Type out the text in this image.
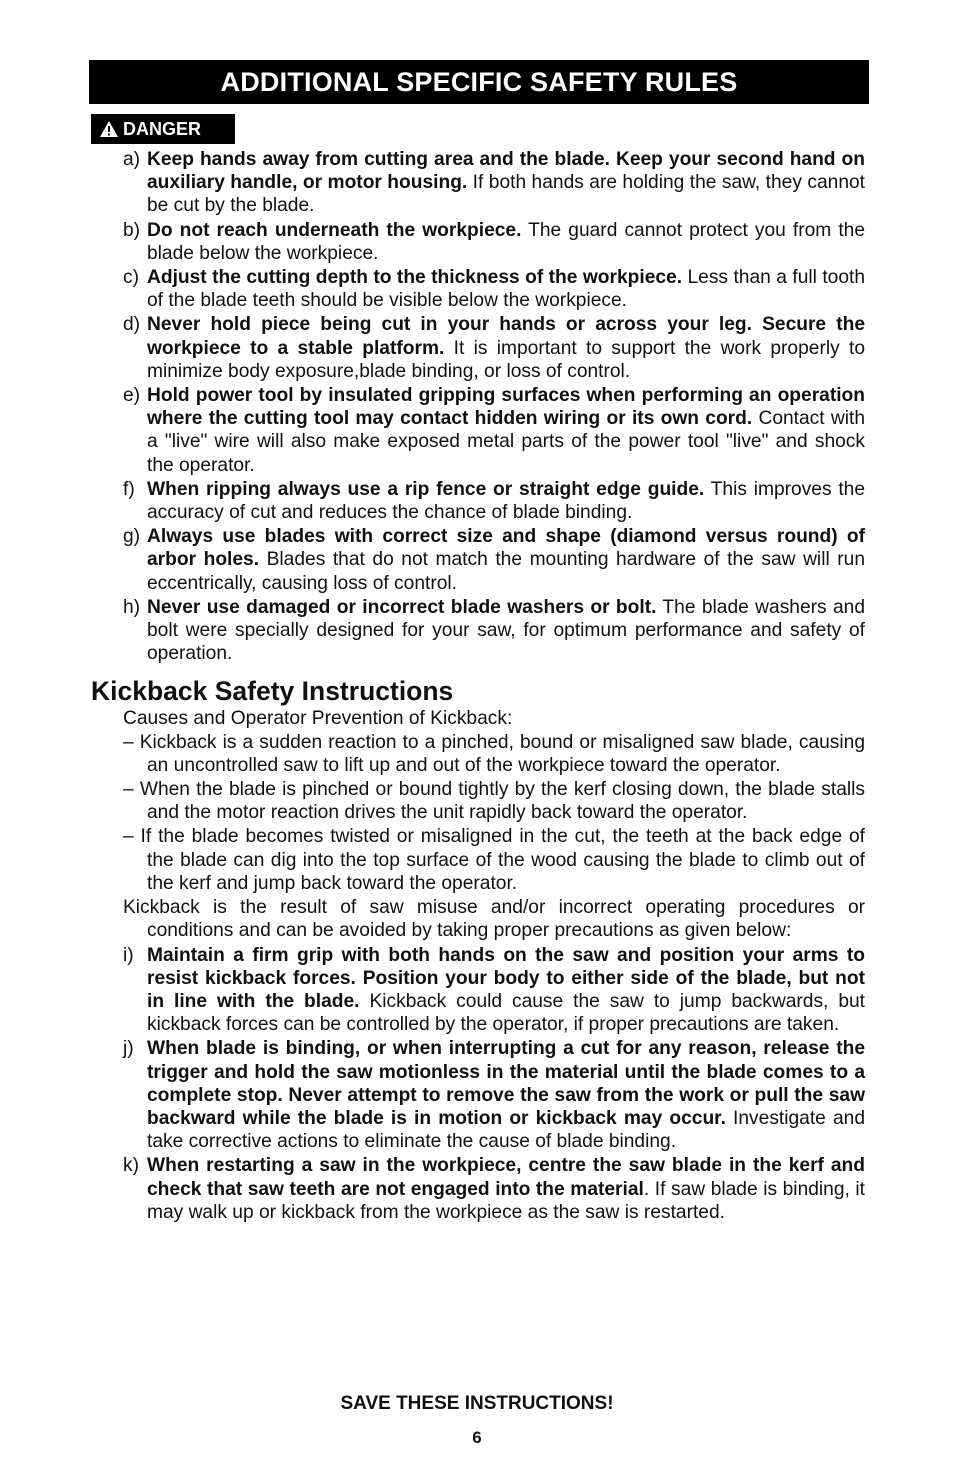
ADDITIONAL SPECIFIC SAFETY RULES
DANGER
a) Keep hands away from cutting area and the blade. Keep your second hand on auxiliary handle, or motor housing. If both hands are holding the saw, they cannot be cut by the blade.
b) Do not reach underneath the workpiece. The guard cannot protect you from the blade below the workpiece.
c) Adjust the cutting depth to the thickness of the workpiece. Less than a full tooth of the blade teeth should be visible below the workpiece.
d) Never hold piece being cut in your hands or across your leg. Secure the workpiece to a stable platform. It is important to support the work properly to minimize body exposure,blade binding, or loss of control.
e) Hold power tool by insulated gripping surfaces when performing an operation where the cutting tool may contact hidden wiring or its own cord. Contact with a "live" wire will also make exposed metal parts of the power tool "live" and shock the operator.
f) When ripping always use a rip fence or straight edge guide. This improves the accuracy of cut and reduces the chance of blade binding.
g) Always use blades with correct size and shape (diamond versus round) of arbor holes. Blades that do not match the mounting hardware of the saw will run eccentrically, causing loss of control.
h) Never use damaged or incorrect blade washers or bolt. The blade washers and bolt were specially designed for your saw, for optimum performance and safety of operation.
Kickback Safety Instructions
Causes and Operator Prevention of Kickback:
– Kickback is a sudden reaction to a pinched, bound or misaligned saw blade, causing an uncontrolled saw to lift up and out of the workpiece toward the operator.
– When the blade is pinched or bound tightly by the kerf closing down, the blade stalls and the motor reaction drives the unit rapidly back toward the operator.
– If the blade becomes twisted or misaligned in the cut, the teeth at the back edge of the blade can dig into the top surface of the wood causing the blade to climb out of the kerf and jump back toward the operator.
Kickback is the result of saw misuse and/or incorrect operating procedures or conditions and can be avoided by taking proper precautions as given below:
i) Maintain a firm grip with both hands on the saw and position your arms to resist kickback forces. Position your body to either side of the blade, but not in line with the blade. Kickback could cause the saw to jump backwards, but kickback forces can be controlled by the operator, if proper precautions are taken.
j) When blade is binding, or when interrupting a cut for any reason, release the trigger and hold the saw motionless in the material until the blade comes to a complete stop. Never attempt to remove the saw from the work or pull the saw backward while the blade is in motion or kickback may occur. Investigate and take corrective actions to eliminate the cause of blade binding.
k) When restarting a saw in the workpiece, centre the saw blade in the kerf and check that saw teeth are not engaged into the material. If saw blade is binding, it may walk up or kickback from the workpiece as the saw is restarted.
SAVE THESE INSTRUCTIONS!
6
